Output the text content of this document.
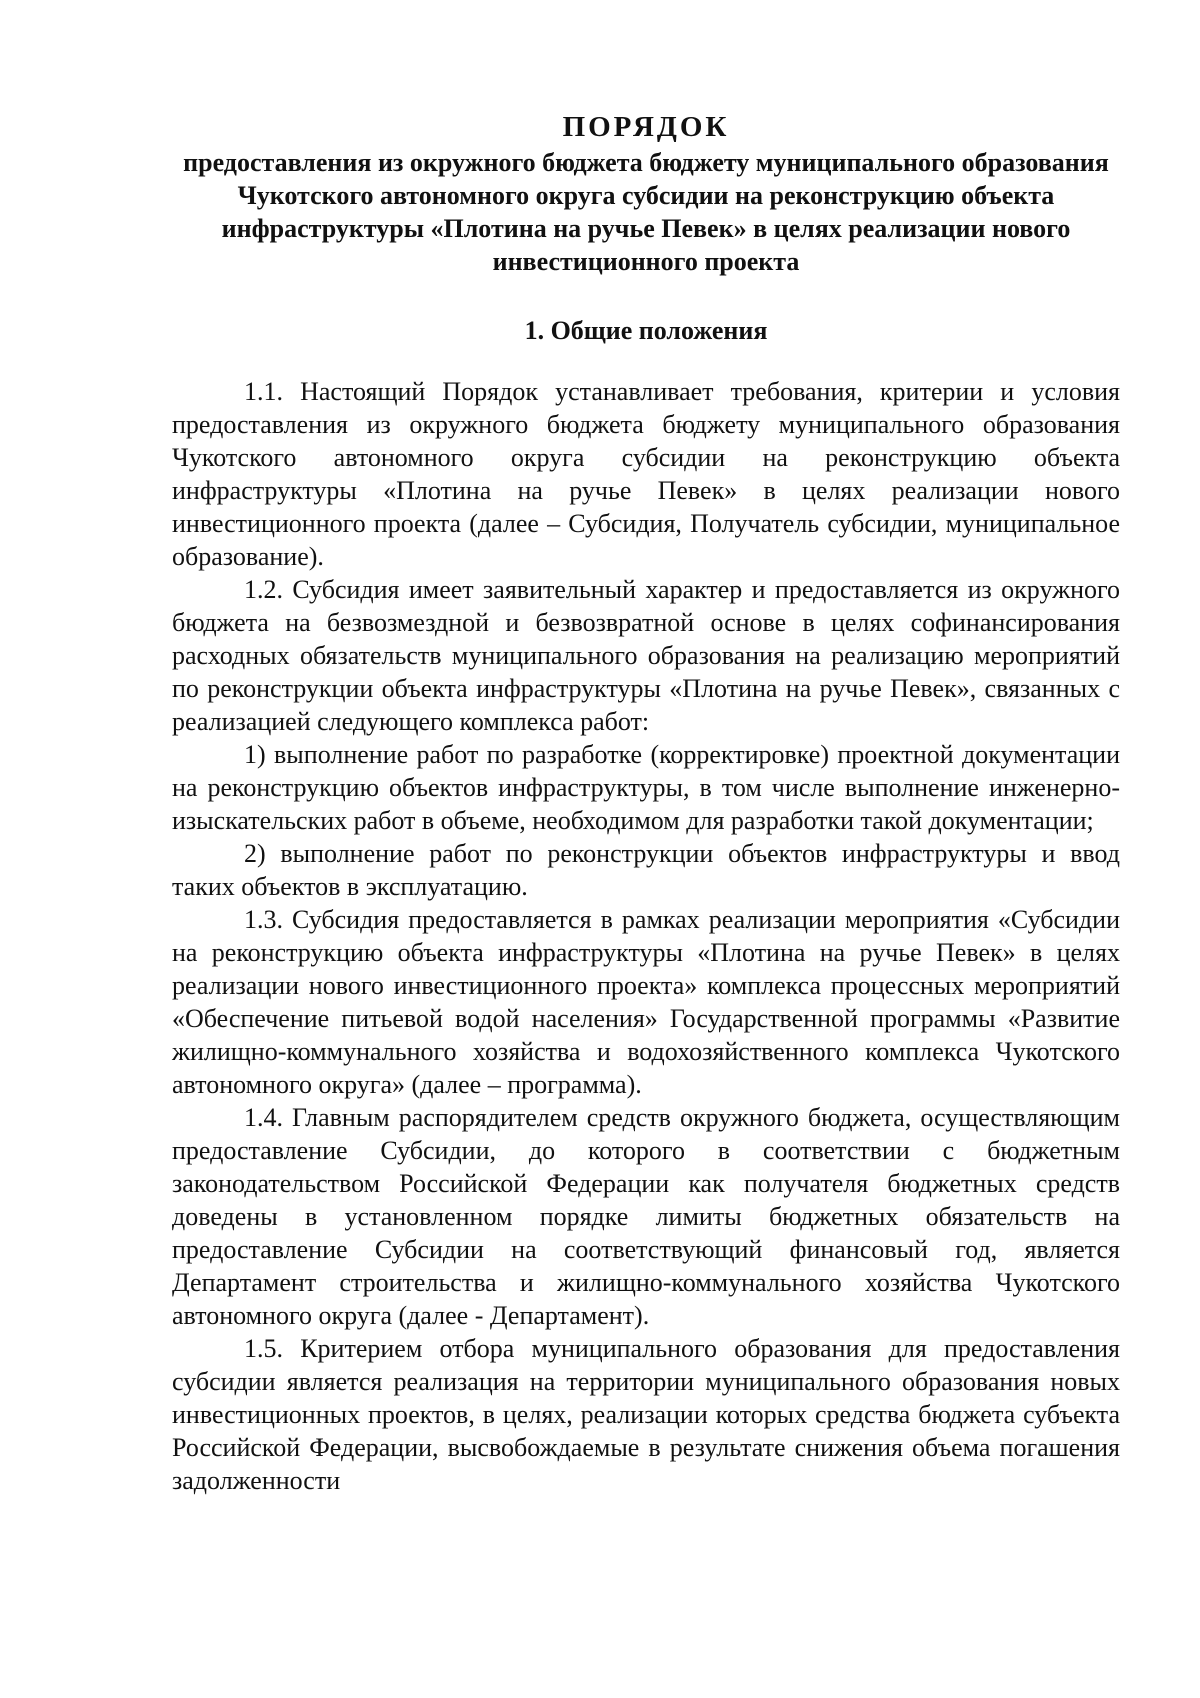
ПОРЯДОК

предоставления из окружного бюджета бюджету муниципального образования Чукотского автономного округа субсидии на реконструкцию объекта инфраструктуры «Плотина на ручье Певек» в целях реализации нового инвестиционного проекта

1. Общие положения

1.1. Настоящий Порядок устанавливает требования, критерии и условия предоставления из окружного бюджета бюджету муниципального образования Чукотского автономного округа субсидии на реконструкцию объекта инфраструктуры «Плотина на ручье Певек» в целях реализации нового инвестиционного проекта (далее – Субсидия, Получатель субсидии, муниципальное образование).

1.2. Субсидия имеет заявительный характер и предоставляется из окружного бюджета на безвозмездной и безвозвратной основе в целях софинансирования расходных обязательств муниципального образования на реализацию мероприятий по реконструкции объекта инфраструктуры «Плотина на ручье Певек», связанных с реализацией следующего комплекса работ:

1) выполнение работ по разработке (корректировке) проектной документации на реконструкцию объектов инфраструктуры, в том числе выполнение инженерно-изыскательских работ в объеме, необходимом для разработки такой документации;

2) выполнение работ по реконструкции объектов инфраструктуры и ввод таких объектов в эксплуатацию.

1.3. Субсидия предоставляется в рамках реализации мероприятия «Субсидии на реконструкцию объекта инфраструктуры «Плотина на ручье Певек» в целях реализации нового инвестиционного проекта» комплекса процессных мероприятий «Обеспечение питьевой водой населения» Государственной программы «Развитие жилищно-коммунального хозяйства и водохозяйственного комплекса Чукотского автономного округа» (далее – программа).

1.4. Главным распорядителем средств окружного бюджета, осуществляющим предоставление Субсидии, до которого в соответствии с бюджетным законодательством Российской Федерации как получателя бюджетных средств доведены в установленном порядке лимиты бюджетных обязательств на предоставление Субсидии на соответствующий финансовый год, является Департамент строительства и жилищно-коммунального хозяйства Чукотского автономного округа (далее - Департамент).

1.5. Критерием отбора муниципального образования для предоставления субсидии является реализация на территории муниципального образования новых инвестиционных проектов, в целях, реализации которых средства бюджета субъекта Российской Федерации, высвобождаемые в результате снижения объема погашения задолженности
